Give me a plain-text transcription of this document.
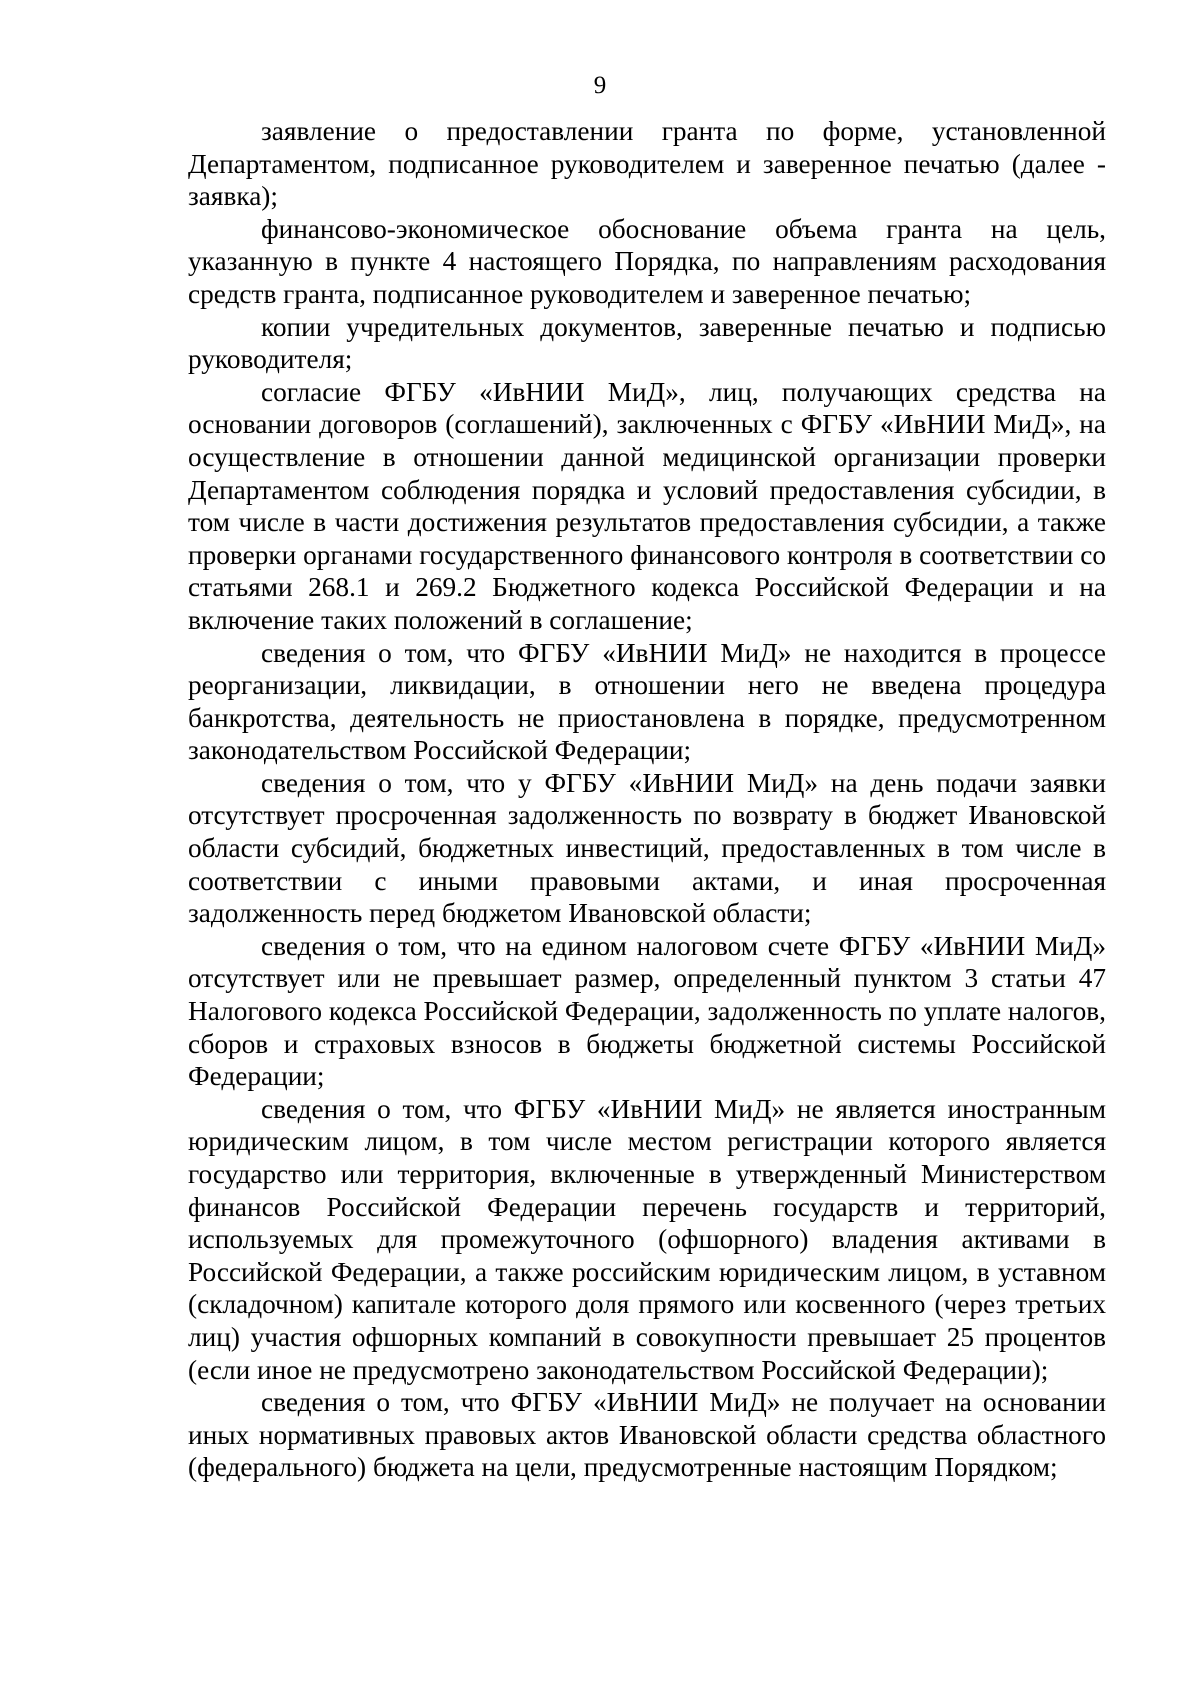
9

заявление о предоставлении гранта по форме, установленной Департаментом, подписанное руководителем и заверенное печатью (далее - заявка);

финансово-экономическое обоснование объема гранта на цель, указанную в пункте 4 настоящего Порядка, по направлениям расходования средств гранта, подписанное руководителем и заверенное печатью;

копии учредительных документов, заверенные печатью и подписью руководителя;

согласие ФГБУ «ИвНИИ МиД», лиц, получающих средства на основании договоров (соглашений), заключенных с ФГБУ «ИвНИИ МиД», на осуществление в отношении данной медицинской организации проверки Департаментом соблюдения порядка и условий предоставления субсидии, в том числе в части достижения результатов предоставления субсидии, а также проверки органами государственного финансового контроля в соответствии со статьями 268.1 и 269.2 Бюджетного кодекса Российской Федерации и на включение таких положений в соглашение;

сведения о том, что ФГБУ «ИвНИИ МиД» не находится в процессе реорганизации, ликвидации, в отношении него не введена процедура банкротства, деятельность не приостановлена в порядке, предусмотренном законодательством Российской Федерации;

сведения о том, что у ФГБУ «ИвНИИ МиД» на день подачи заявки отсутствует просроченная задолженность по возврату в бюджет Ивановской области субсидий, бюджетных инвестиций, предоставленных в том числе в соответствии с иными правовыми актами, и иная просроченная задолженность перед бюджетом Ивановской области;

сведения о том, что на едином налоговом счете ФГБУ «ИвНИИ МиД» отсутствует или не превышает размер, определенный пунктом 3 статьи 47 Налогового кодекса Российской Федерации, задолженность по уплате налогов, сборов и страховых взносов в бюджеты бюджетной системы Российской Федерации;

сведения о том, что ФГБУ «ИвНИИ МиД» не является иностранным юридическим лицом, в том числе местом регистрации которого является государство или территория, включенные в утвержденный Министерством финансов Российской Федерации перечень государств и территорий, используемых для промежуточного (офшорного) владения активами в Российской Федерации, а также российским юридическим лицом, в уставном (складочном) капитале которого доля прямого или косвенного (через третьих лиц) участия офшорных компаний в совокупности превышает 25 процентов (если иное не предусмотрено законодательством Российской Федерации);

сведения о том, что ФГБУ «ИвНИИ МиД» не получает на основании иных нормативных правовых актов Ивановской области средства областного (федерального) бюджета на цели, предусмотренные настоящим Порядком;
